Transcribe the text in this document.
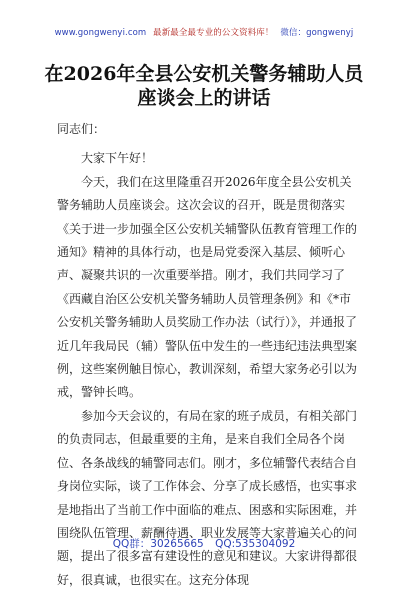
www.gongwenyi.com 最新最全最专业的公文资料库！ 微信：gongwenyj
在2026年全县公安机关警务辅助人员座谈会上的讲话

同志们：

大家下午好！

今天，我们在这里隆重召开2026年度全县公安机关警务辅助人员座谈会。这次会议的召开，既是贯彻落实《关于进一步加强全区公安机关辅警队伍教育管理工作的通知》精神的具体行动，也是局党委深入基层、倾听心声、凝聚共识的一次重要举措。刚才，我们共同学习了《西藏自治区公安机关警务辅助人员管理条例》和《*市公安机关警务辅助人员奖励工作办法（试行）》，并通报了近几年我局民（辅）警队伍中发生的一些违纪违法典型案例，这些案例触目惊心，教训深刻，希望大家务必引以为戒，警钟长鸣。

参加今天会议的，有局在家的班子成员，有相关部门的负责同志，但最重要的主角，是来自我们全局各个岗位、各条战线的辅警同志们。刚才，多位辅警代表结合自身岗位实际，谈了工作体会、分享了成长感悟，也实事求是地指出了当前工作中面临的难点、困惑和实际困难，并围绕队伍管理、薪酬待遇、职业发展等大家普遍关心的问题，提出了很多富有建设性的意见和建议。大家讲得都很好，很真诚，也很实在。这充分体现

QQ群：30265665 QQ:535304092
